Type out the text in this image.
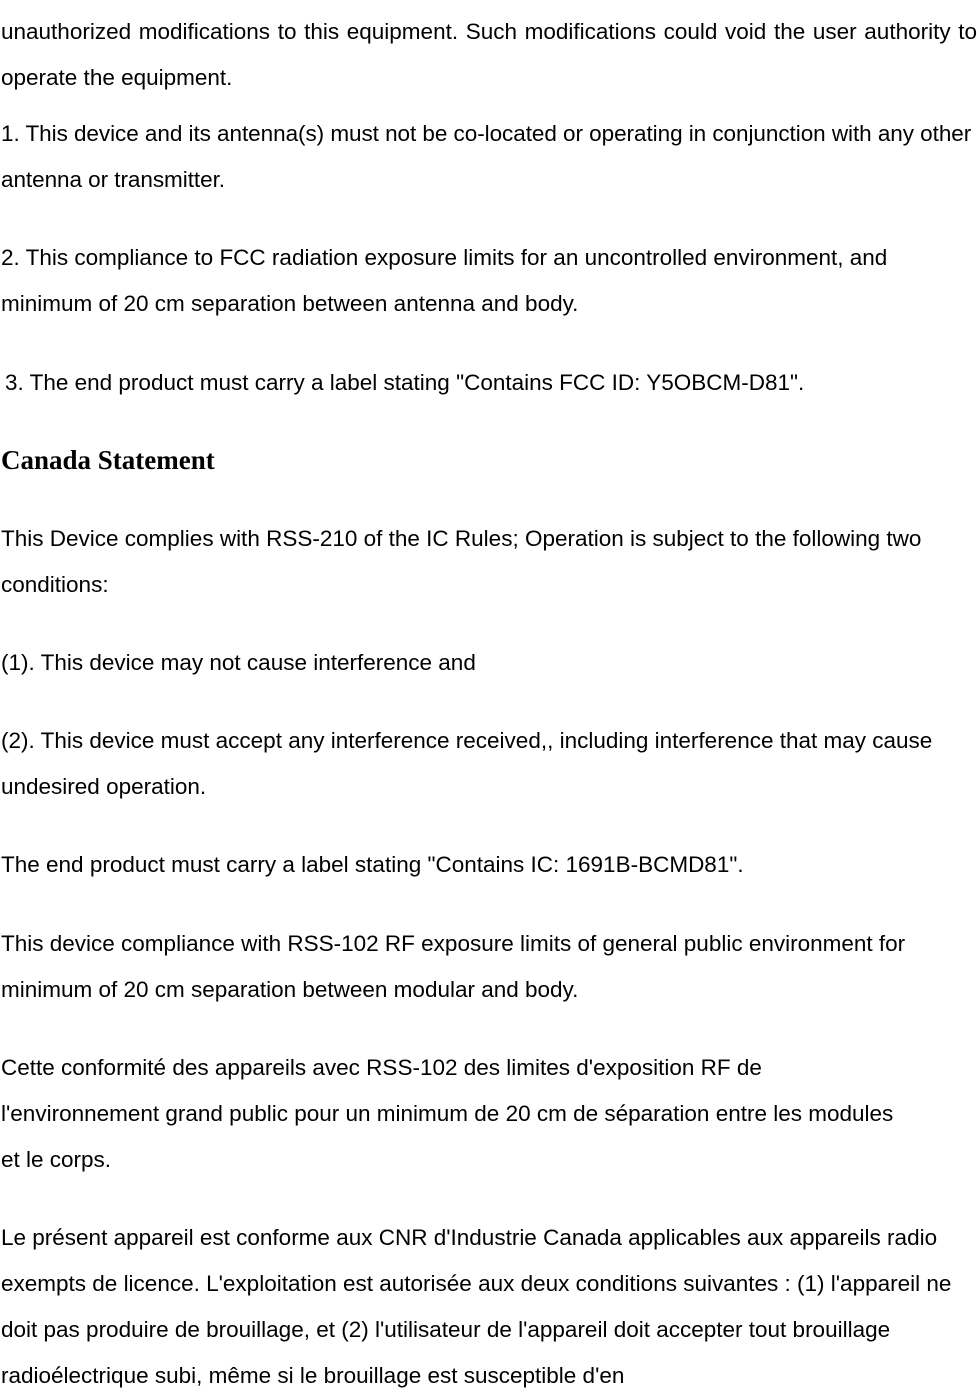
unauthorized modifications to this equipment. Such modifications could void the user authority to operate the equipment.

1. This device and its antenna(s) must not be co-located or operating in conjunction with any other antenna or transmitter.

2. This compliance to FCC radiation exposure limits for an uncontrolled environment, and minimum of 20 cm separation between antenna and body.

3. The end product must carry a label stating "Contains FCC ID: Y5OBCM-D81".

Canada Statement

This Device complies with RSS-210 of the IC Rules; Operation is subject to the following two conditions:

(1). This device may not cause interference and

(2). This device must accept any interference received,, including interference that may cause undesired operation.

The end product must carry a label stating "Contains IC: 1691B-BCMD81".

This device compliance with RSS-102 RF exposure limits of general public environment for minimum of 20 cm separation between modular and body.

Cette conformité des appareils avec RSS-102 des limites d'exposition RF de l'environnement grand public pour un minimum de 20 cm de séparation entre les modules et le corps.

Le présent appareil est conforme aux CNR d'Industrie Canada applicables aux appareils radio exempts de licence. L'exploitation est autorisée aux deux conditions suivantes : (1) l'appareil ne doit pas produire de brouillage, et (2) l'utilisateur de l'appareil doit accepter tout brouillage radioélectrique subi, même si le brouillage est susceptible d'en
